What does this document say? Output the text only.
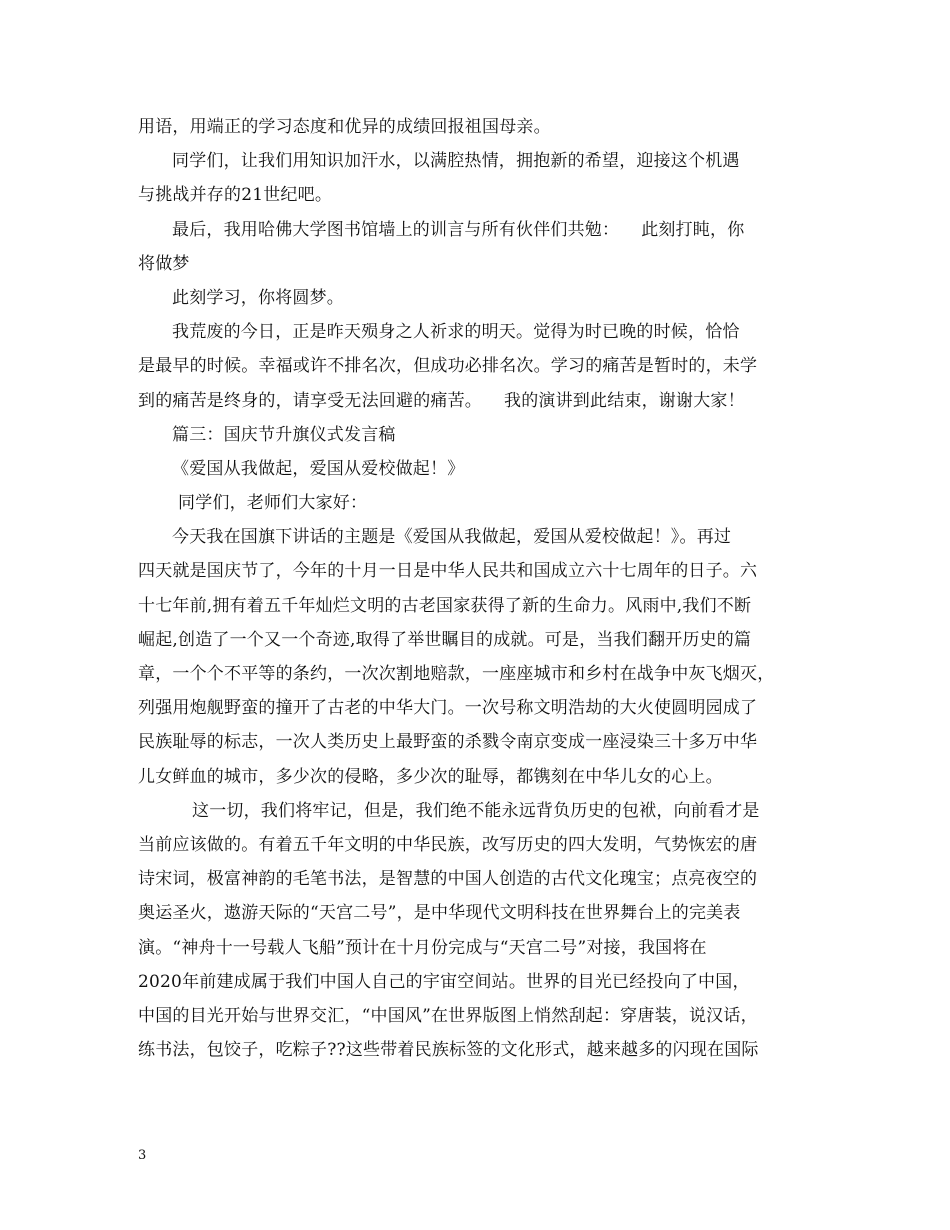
用语，用端正的学习态度和优异的成绩回报祖国母亲。
同学们，让我们用知识加汗水，以满腔热情，拥抱新的希望，迎接这个机遇
与挑战并存的21世纪吧。
最后，我用哈佛大学图书馆墙上的训言与所有伙伴们共勉： 此刻打盹，你
将做梦
此刻学习，你将圆梦。
我荒废的今日，正是昨天殒身之人祈求的明天。觉得为时已晚的时候，恰恰
是最早的时候。幸福或许不排名次，但成功必排名次。学习的痛苦是暂时的，未学
到的痛苦是终身的，请享受无法回避的痛苦。 我的演讲到此结束，谢谢大家！
篇三：国庆节升旗仪式发言稿
《爱国从我做起，爱国从爱校做起！》
同学们，老师们大家好：
今天我在国旗下讲话的主题是《爱国从我做起，爱国从爱校做起！》。再过
四天就是国庆节了，今年的十月一日是中华人民共和国成立六十七周年的日子。六
十七年前,拥有着五千年灿烂文明的古老国家获得了新的生命力。风雨中,我们不断
崛起,创造了一个又一个奇迹,取得了举世瞩目的成就。可是，当我们翻开历史的篇
章，一个个不平等的条约，一次次割地赔款，一座座城市和乡村在战争中灰飞烟灭，
列强用炮舰野蛮的撞开了古老的中华大门。一次号称文明浩劫的大火使圆明园成了
民族耻辱的标志，一次人类历史上最野蛮的杀戮令南京变成一座浸染三十多万中华
儿女鲜血的城市，多少次的侵略，多少次的耻辱，都镌刻在中华儿女的心上。
这一切，我们将牢记，但是，我们绝不能永远背负历史的包袱，向前看才是
当前应该做的。有着五千年文明的中华民族，改写历史的四大发明，气势恢宏的唐
诗宋词，极富神韵的毛笔书法，是智慧的中国人创造的古代文化瑰宝；点亮夜空的
奥运圣火，遨游天际的“天宫二号”，是中华现代文明科技在世界舞台上的完美表
演。“神舟十一号载人飞船”预计在十月份完成与“天宫二号”对接，我国将在
2020年前建成属于我们中国人自己的宇宙空间站。世界的目光已经投向了中国，
中国的目光开始与世界交汇，“中国风”在世界版图上悄然刮起：穿唐装，说汉话，
练书法，包饺子，吃粽子??这些带着民族标签的文化形式，越来越多的闪现在国际
3
